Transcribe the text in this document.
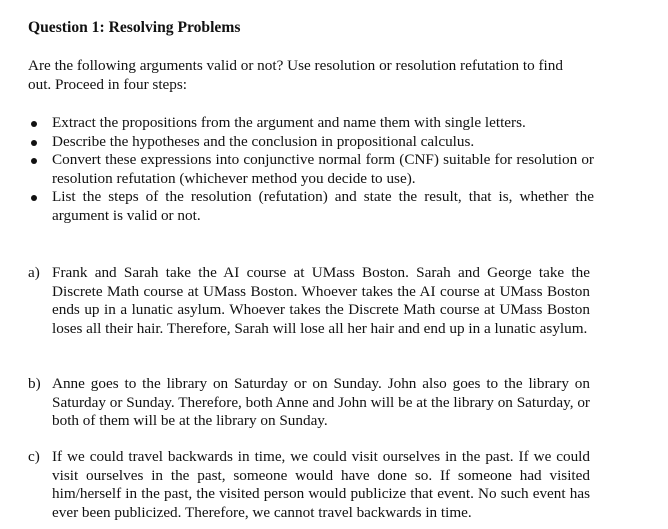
Question 1: Resolving Problems

Are the following arguments valid or not? Use resolution or resolution refutation to find out. Proceed in four steps:

Extract the propositions from the argument and name them with single letters.
Describe the hypotheses and the conclusion in propositional calculus.
Convert these expressions into conjunctive normal form (CNF) suitable for resolution or resolution refutation (whichever method you decide to use).
List the steps of the resolution (refutation) and state the result, that is, whether the argument is valid or not.
a) Frank and Sarah take the AI course at UMass Boston. Sarah and George take the Discrete Math course at UMass Boston. Whoever takes the AI course at UMass Boston ends up in a lunatic asylum. Whoever takes the Discrete Math course at UMass Boston loses all their hair. Therefore, Sarah will lose all her hair and end up in a lunatic asylum.
b) Anne goes to the library on Saturday or on Sunday. John also goes to the library on Saturday or Sunday. Therefore, both Anne and John will be at the library on Saturday, or both of them will be at the library on Sunday.
c) If we could travel backwards in time, we could visit ourselves in the past. If we could visit ourselves in the past, someone would have done so. If someone had visited him/herself in the past, the visited person would publicize that event. No such event has ever been publicized. Therefore, we cannot travel backwards in time.
